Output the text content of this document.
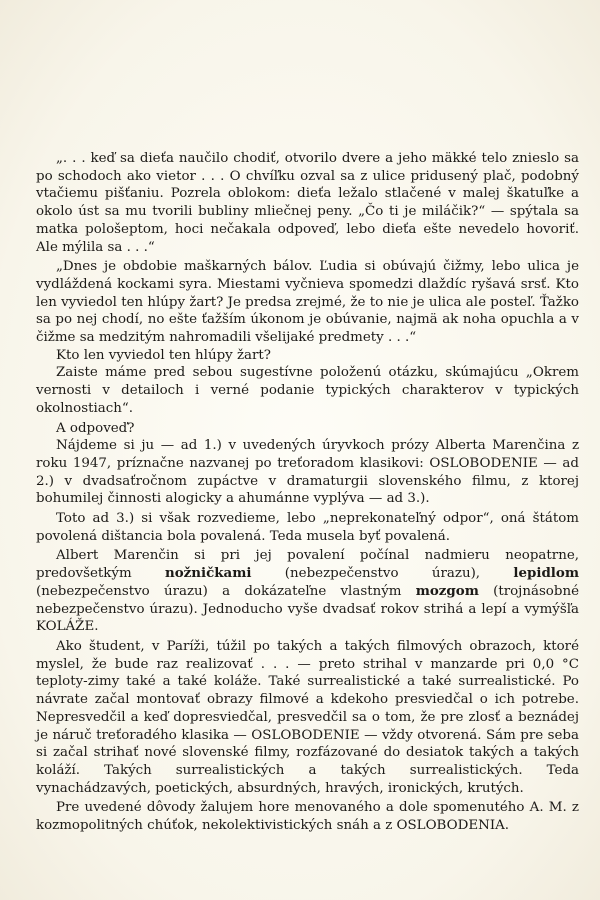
„. . . keď sa dieťa naučilo chodiť, otvorilo dvere a jeho mäkké telo znieslo sa po schodoch ako vietor . . . O chvíľku ozval sa z ulice pridusený plač, podobný vtačiemu pišťaniu. Pozrela oblokom: dieťa ležalo stlačené v malej škatuľke a okolo úst sa mu tvorili bubliny mliečnej peny. „Čo ti je miláčik?“ — spýtala sa matka pološeptom, hoci nečakala odpoveď, lebo dieťa ešte nevedelo hovoriť. Ale mýlila sa . . .“

„Dnes je obdobie maškarných bálov. Ľudia si obúvajú čižmy, lebo ulica je vydláždená kockami syra. Miestami vyčnieva spomedzi dlaždíc ryšavá srsť. Kto len vyviedol ten hlúpy žart? Je predsa zrejmé, že to nie je ulica ale posteľ. Ťažko sa po nej chodí, no ešte ťažším úkonom je obúvanie, najmä ak noha opuchla a v čižme sa medzitým nahromadili všelijaké predmety . . .“

Kto len vyviedol ten hlúpy žart?

Zaiste máme pred sebou sugestívne položenú otázku, skúmajúcu „Okrem vernosti v detailoch i verné podanie typických charakterov v typických okolnostiach“.

A odpoveď?

Nájdeme si ju — ad 1.) v uvedených úryvkoch prózy Alberta Marenčina z roku 1947, príznačne nazvanej po treťoradom klasikovi: OSLOBODENIE — ad 2.) v dvadsaťročnom zupáctve v dramaturgii slovenského filmu, z ktorej bohumilej činnosti alogicky a ahumánne vyplýva — ad 3.).

Toto ad 3.) si však rozvedieme, lebo „neprekonateľný odpor“, oná štátom povolená dištancia bola povalená. Teda musela byť povalená.

Albert Marenčin si pri jej povalení počínal nadmieru neopatrne, predovšetkým nožničkami (nebezpečenstvo úrazu), lepidlom (nebezpečenstvo úrazu) a dokázateľne vlastným mozgom (trojnásobné nebezpečenstvo úrazu). Jednoducho vyše dvadsať rokov strihá a lepí a vymýšľa KOLÁŽE.

Ako študent, v Paríži, túžil po takých a takých filmových obrazoch, ktoré myslel, že bude raz realizovať . . . — preto strihal v manzarde pri 0,0 °C teploty-zimy také a také koláže. Také surrealistické a také surrealistické. Po návrate začal montovať obrazy filmové a kdekoho presviedčal o ich potrebe. Nepresvedčil a keď dopresviedčal, presvedčil sa o tom, že pre zlosť a beznádej je náruč treťoradého klasika — OSLOBODENIE — vždy otvorená. Sám pre seba si začal strihať nové slovenské filmy, rozfázované do desiatok takých a takých koláží. Takých surrealistických a takých surrealistických. Teda vynachádzavých, poetických, absurdných, hravých, ironických, krutých.

Pre uvedené dôvody žalujem hore menovaného a dole spomenutého A. M. z kozmopolitných chúťok, nekolektivistických snáh a z OSLOBODENIA.
